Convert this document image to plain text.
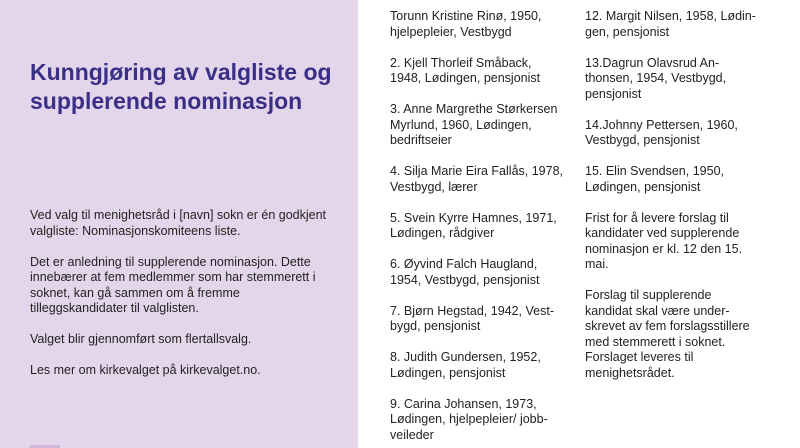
Kunngjøring av valgliste og supplerende nominasjon

Ved valg til menighetsråd i [navn] sokn er én godkjent valgliste: Nominasjonskomiteens liste.

Det er anledning til supplerende nominasjon. Dette innebærer at fem medlemmer som har stemmerett i soknet, kan gå sammen om å fremme tilleggskandidater til valglisten.

Valget blir gjennomført som flertallsvalg.

Les mer om kirkevalget på kirkevalget.no.

Torunn Kristine Rinø, 1950,
hjelpepleier, Vestbygd
2. Kjell Thorleif Småback,
1948, Lødingen, pensjonist
3. Anne Margrethe Størkersen
Myrlund, 1960, Lødingen,
bedriftseier
4. Silja Marie Eira Fallås, 1978,
Vestbygd, lærer
5. Svein Kyrre Hamnes, 1971,
Lødingen, rådgiver
6. Øyvind Falch Haugland,
1954, Vestbygd, pensjonist
7. Bjørn Hegstad, 1942, Vest-
bygd, pensjonist
8. Judith Gundersen, 1952,
Lødingen, pensjonist
9. Carina Johansen, 1973,
Lødingen, hjelpepleier/ jobb-
veileder
12. Margit Nilsen, 1958, Lødin-
gen, pensjonist
13.Dagrun Olavsrud An-
thonsen, 1954, Vestbygd,
pensjonist
14.Johnny Pettersen, 1960,
Vestbygd, pensjonist
15. Elin Svendsen, 1950,
Lødingen, pensjonist
Frist for å levere forslag til
kandidater ved supplerende
nominasjon er kl. 12 den 15.
mai.
Forslag til supplerende
kandidat skal være under-
skrevet av fem forslagsstillere
med stemmerett i soknet.
Forslaget leveres til
menighetsrådet.
